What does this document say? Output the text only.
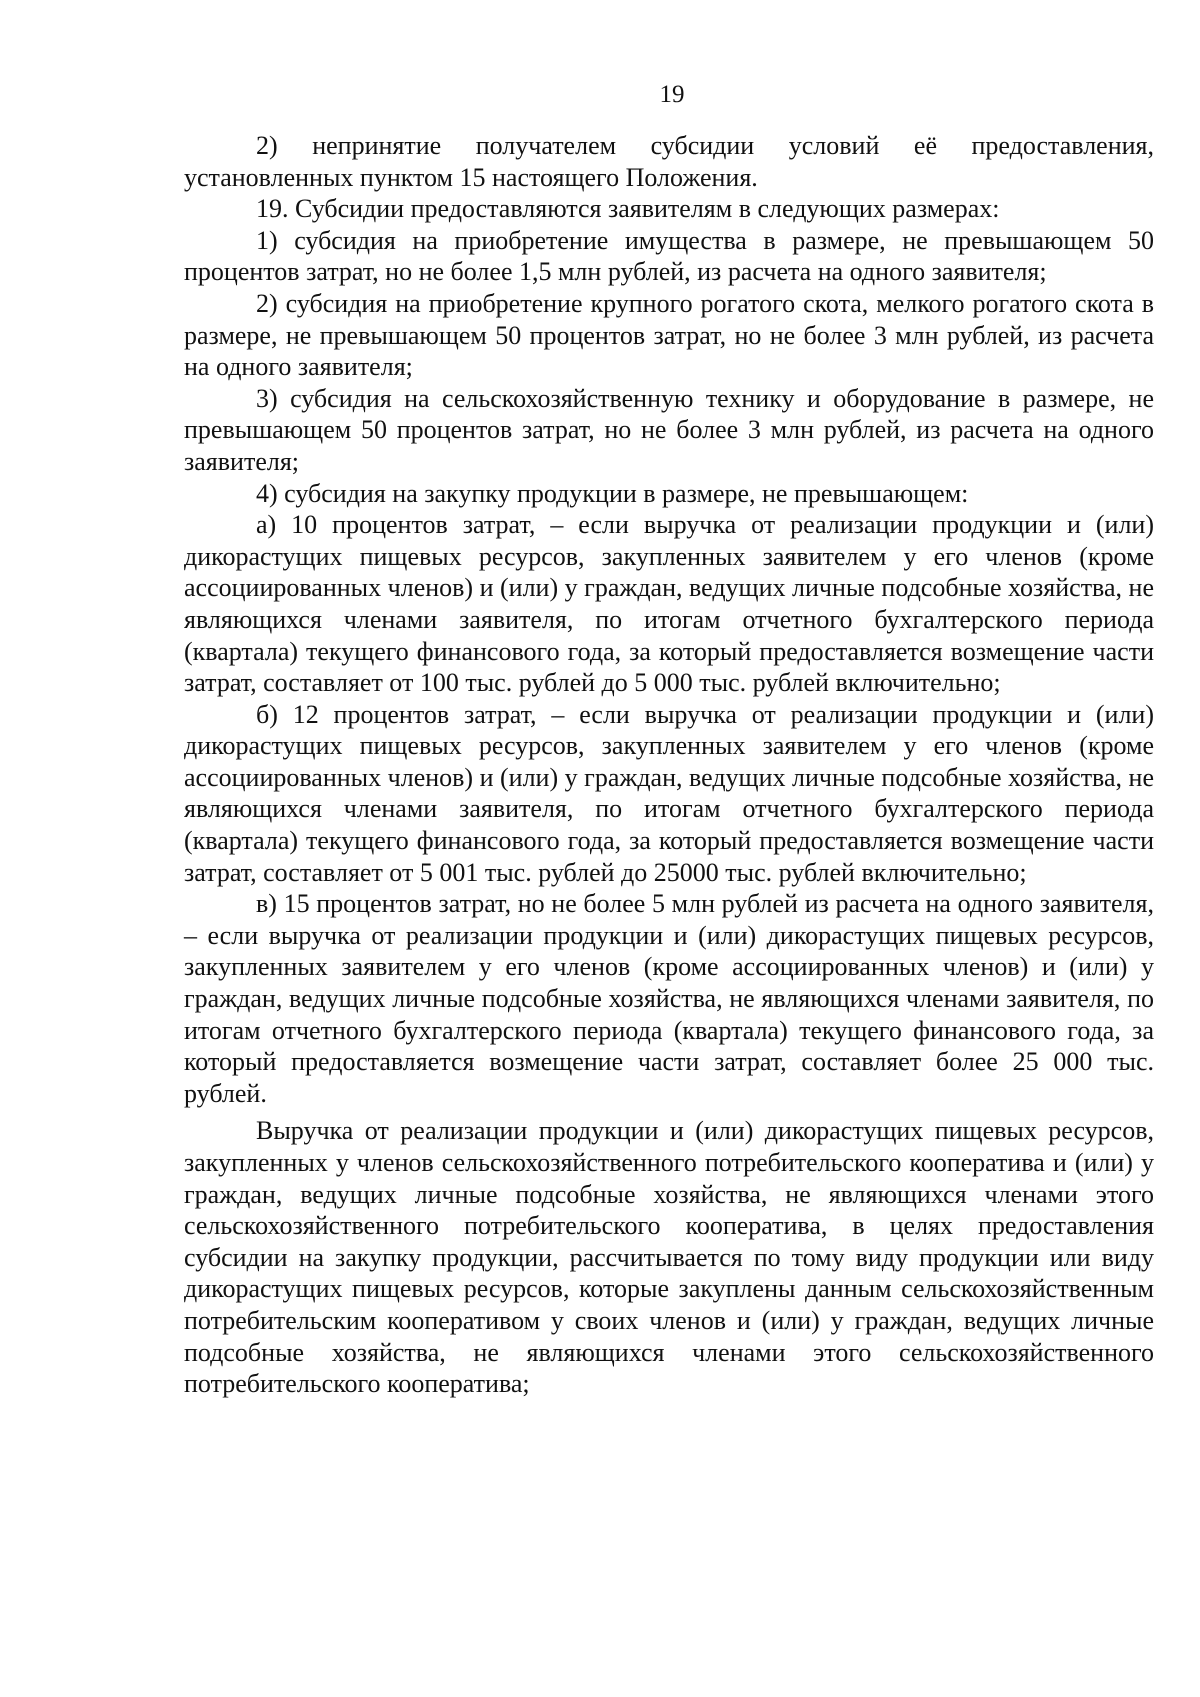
19

2) непринятие получателем субсидии условий её предоставления, установленных пунктом 15 настоящего Положения.

19. Субсидии предоставляются заявителям в следующих размерах:

1) субсидия на приобретение имущества в размере, не превышающем 50 процентов затрат, но не более 1,5 млн рублей, из расчета на одного заявителя;

2) субсидия на приобретение крупного рогатого скота, мелкого рогатого скота в размере, не превышающем 50 процентов затрат, но не более 3 млн рублей, из расчета на одного заявителя;

3) субсидия на сельскохозяйственную технику и оборудование в размере, не превышающем 50 процентов затрат, но не более 3 млн рублей, из расчета на одного заявителя;

4) субсидия на закупку продукции в размере, не превышающем:

а) 10 процентов затрат, – если выручка от реализации продукции и (или) дикорастущих пищевых ресурсов, закупленных заявителем у его членов (кроме ассоциированных членов) и (или) у граждан, ведущих личные подсобные хозяйства, не являющихся членами заявителя, по итогам отчетного бухгалтерского периода (квартала) текущего финансового года, за который предоставляется возмещение части затрат, составляет от 100 тыс. рублей до 5 000 тыс. рублей включительно;

б) 12 процентов затрат, – если выручка от реализации продукции и (или) дикорастущих пищевых ресурсов, закупленных заявителем у его членов (кроме ассоциированных членов) и (или) у граждан, ведущих личные подсобные хозяйства, не являющихся членами заявителя, по итогам отчетного бухгалтерского периода (квартала) текущего финансового года, за который предоставляется возмещение части затрат, составляет от 5 001 тыс. рублей до 25000 тыс. рублей включительно;

в) 15 процентов затрат, но не более 5 млн рублей из расчета на одного заявителя, – если выручка от реализации продукции и (или) дикорастущих пищевых ресурсов, закупленных заявителем у его членов (кроме ассоциированных членов) и (или) у граждан, ведущих личные подсобные хозяйства, не являющихся членами заявителя, по итогам отчетного бухгалтерского периода (квартала) текущего финансового года, за который предоставляется возмещение части затрат, составляет более 25 000 тыс. рублей.

Выручка от реализации продукции и (или) дикорастущих пищевых ресурсов, закупленных у членов сельскохозяйственного потребительского кооператива и (или) у граждан, ведущих личные подсобные хозяйства, не являющихся членами этого сельскохозяйственного потребительского кооператива, в целях предоставления субсидии на закупку продукции, рассчитывается по тому виду продукции или виду дикорастущих пищевых ресурсов, которые закуплены данным сельскохозяйственным потребительским кооперативом у своих членов и (или) у граждан, ведущих личные подсобные хозяйства, не являющихся членами этого сельскохозяйственного потребительского кооператива;
